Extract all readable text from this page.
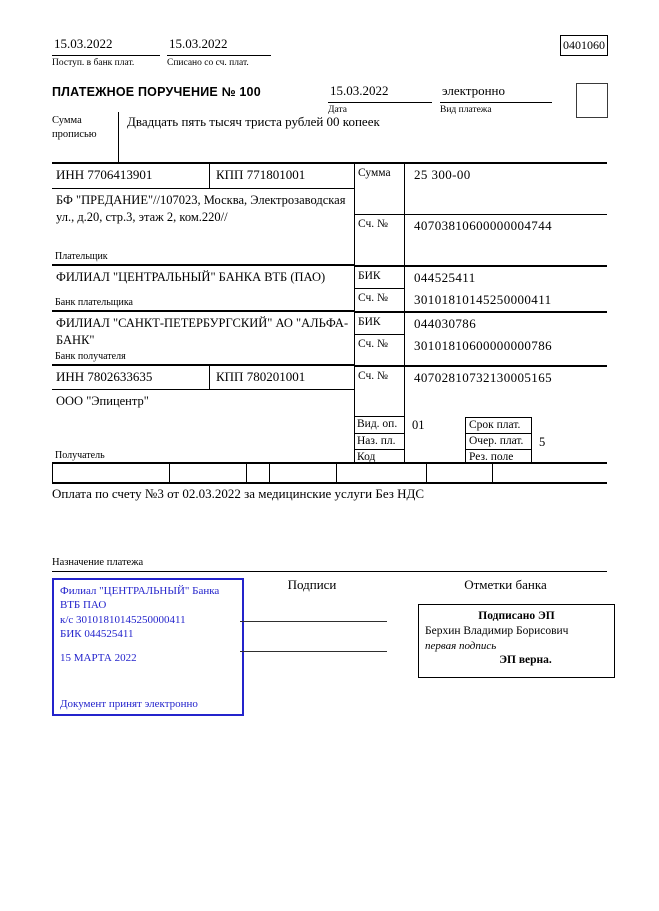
15.03.2022
Поступ. в банк плат.
15.03.2022
Списано со сч. плат.
0401060
ПЛАТЕЖНОЕ ПОРУЧЕНИЕ № 100	15.03.2022
Дата
электронно
Вид платежа
Сумма прописью
Двадцать пять тысяч триста рублей 00 копеек
ИНН 7706413901	КПП 771801001
БФ "ПРЕДАНИЕ"//107023, Москва, Электрозаводская ул., д.20, стр.3, этаж 2, ком.220//
Плательщик
ФИЛИАЛ "ЦЕНТРАЛЬНЫЙ" БАНКА ВТБ (ПАО)
Банк плательщика
ФИЛИАЛ "САНКТ-ПЕТЕРБУРГСКИЙ" АО "АЛЬФА-БАНК"
Банк получателя
ИНН 7802633635	КПП 780201001
ООО "Эпицентр"
Получатель
Сумма	25 300-00
Сч. №	40703810600000004744
БИК	044525411
Сч. №	30101810145250000411
БИК	044030786
Сч. №	30101810600000000786
Сч. №	40702810732130005165
Вид. оп.	01	Срок плат.
Наз. пл.	Очер. плат.	5
Код	Рез. поле
Оплата по счету №3 от 02.03.2022 за медицинские услуги Без НДС
Назначение платежа
Подписи	Отметки банка
Филиал "ЦЕНТРАЛЬНЫЙ" Банка ВТБ ПАО
к/с 30101810145250000411
БИК 044525411
15 МАРТА 2022
Документ принят электронно
Подписано ЭП
Берхин Владимир Борисович
первая подпись
ЭП верна.
